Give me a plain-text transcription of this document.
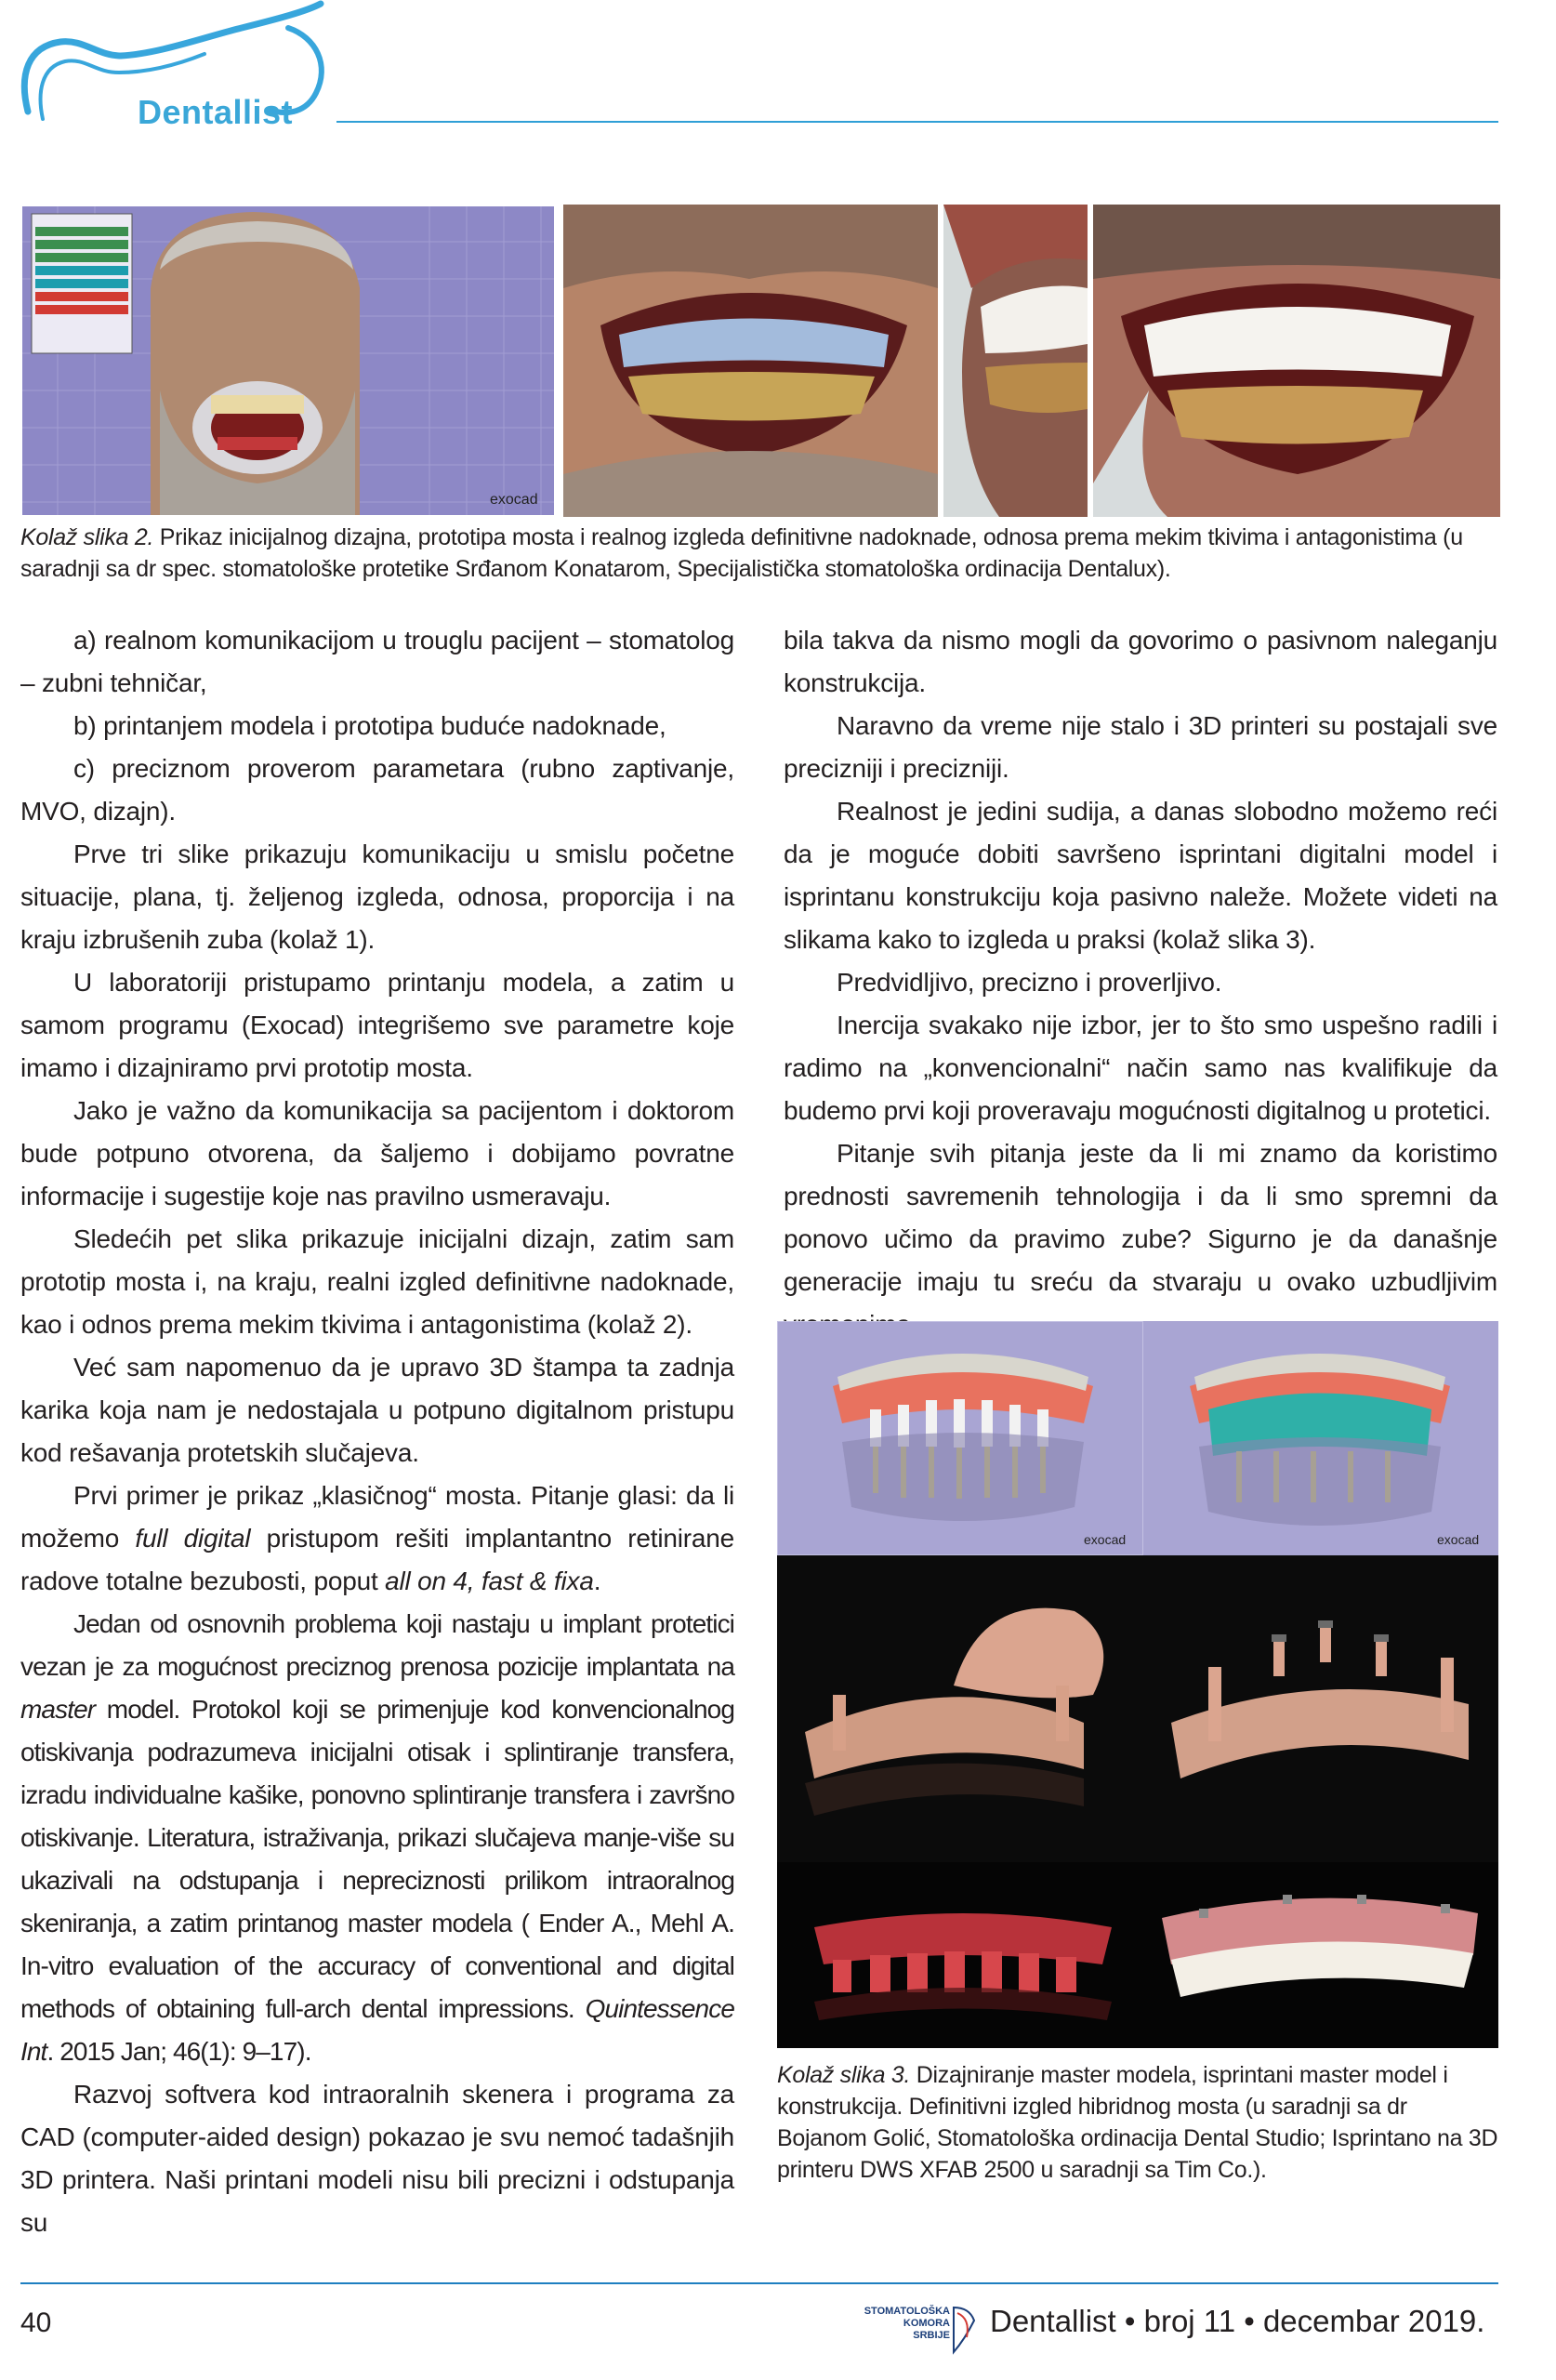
Dentallist
exocad
Kolaž slika 2. Prikaz inicijalnog dizajna, prototipa mosta i realnog izgleda definitivne nadoknade, odnosa prema mekim tkivima i antagonistima (u saradnji sa dr spec. stomatološke protetike Srđanom Konatarom, Specijalistička stomatološka ordinacija Dentalux).

a) realnom komunikacijom u trouglu pacijent – stomatolog – zubni tehničar,

b) printanjem modela i prototipa buduće nadoknade,

c) preciznom proverom parametara (rubno zaptivanje, MVO, dizajn).

Prve tri slike prikazuju komunikaciju u smislu početne situacije, plana, tj. željenog izgleda, odnosa, proporcija i na kraju izbrušenih zuba (kolaž 1).

U laboratoriji pristupamo printanju modela, a zatim u samom programu (Exocad) integrišemo sve parametre koje imamo i dizajniramo prvi prototip mosta.

Jako je važno da komunikacija sa pacijentom i doktorom bude potpuno otvorena, da šaljemo i dobijamo povratne informacije i sugestije koje nas pravilno usmeravaju.

Sledećih pet slika prikazuje inicijalni dizajn, zatim sam prototip mosta i, na kraju, realni izgled definitivne nadoknade, kao i odnos prema mekim tkivima i antagonistima (kolaž 2).

Već sam napomenuo da je upravo 3D štampa ta zadnja karika koja nam je nedostajala u potpuno digitalnom pristupu kod rešavanja protetskih slučajeva.

Prvi primer je prikaz „klasičnog“ mosta. Pitanje glasi: da li možemo full digital pristupom rešiti implantantno retinirane radove totalne bezubosti, poput all on 4, fast & fixa.

Jedan od osnovnih problema koji nastaju u implant protetici vezan je za mogućnost preciznog prenosa pozicije implantata na master model. Protokol koji se primenjuje kod konvencionalnog otiskivanja podrazumeva inicijalni otisak i splintiranje transfera, izradu individualne kašike, ponovno splintiranje transfera i završno otiskivanje. Literatura, istraživanja, prikazi slučajeva manje-više su ukazivali na odstupanja i nepreciznosti prilikom intraoralnog skeniranja, a zatim printanog master modela ( Ender A., Mehl A. In-vitro evaluation of the accuracy of conventional and digital methods of obtaining full-arch dental impressions. Quintessence Int. 2015 Jan; 46(1): 9–17).

Razvoj softvera kod intraoralnih skenera i programa za CAD (computer-aided design) pokazao je svu nemoć tadašnjih 3D printera. Naši printani modeli nisu bili precizni i odstupanja su

bila takva da nismo mogli da govorimo o pasivnom naleganju konstrukcija.

Naravno da vreme nije stalo i 3D printeri su postajali sve precizniji i precizniji.

Realnost je jedini sudija, a danas slobodno možemo reći da je moguće dobiti savršeno isprintani digitalni model i isprintanu konstrukciju koja pasivno naleže. Možete videti na slikama kako to izgleda u praksi (kolaž slika 3).

Predvidljivo, precizno i proverljivo.

Inercija svakako nije izbor, jer to što smo uspešno radili i radimo na „konvencionalni“ način samo nas kvalifikuje da budemo prvi koji proveravaju mogućnosti digitalnog u protetici.

Pitanje svih pitanja jeste da li mi znamo da koristimo prednosti savremenih tehnologija i da li smo spremni da ponovo učimo da pravimo zube? Sigurno je da današnje generacije imaju tu sreću da stvaraju u ovako uzbudljivim

exocad	exocad
Kolaž slika 3. Dizajniranje master modela, isprintani master model i konstrukcija. Definitivni izgled hibridnog mosta (u saradnji sa dr Bojanom Golić, Stomatološka ordinacija Dental Studio; Isprintano na 3D printeru DWS XFAB 2500 u saradnji sa Tim Co.).
40	STOMATOLOŠKA
KOMORA
SRBIJE Dentallist • broj 11 • decembar 2019.
